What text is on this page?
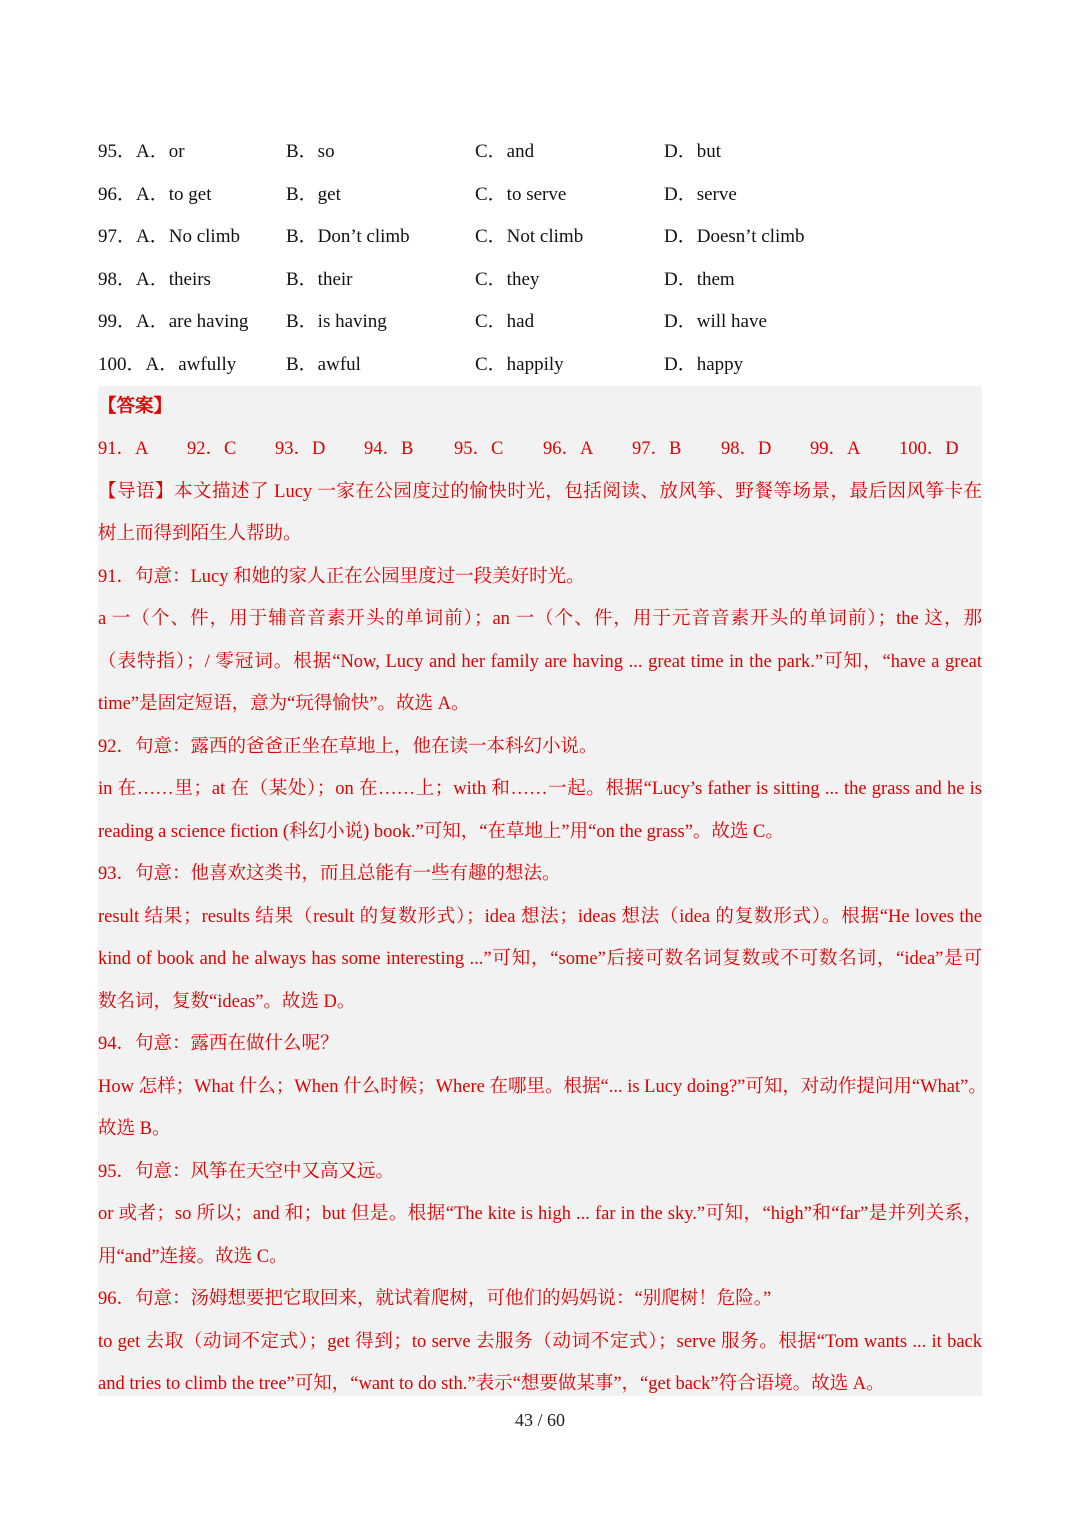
95．A．or	B．so	C．and	D．but
96．A．to get	B．get	C．to serve	D．serve
97．A．No climb B．Don’t climb	C．Not climb	D．Doesn’t climb
98．A．theirs	B．their	C．they	D．them
99．A．are having B．is having	C．had	D．will have
100．A．awfully	B．awful	C．happily	D．happy
【答案】
91．A 92．C 93．D 94．B 95．C 96．A 97．B 98．D 99．A 100．D
【导语】本文描述了 Lucy 一家在公园度过的愉快时光，包括阅读、放风筝、野餐等场景，最后因风筝卡在
树上而得到陌生人帮助。
91．句意：Lucy 和她的家人正在公园里度过一段美好时光。
a 一（个、件，用于辅音音素开头的单词前）；an 一（个、件，用于元音音素开头的单词前）；the 这，那
（表特指）；/ 零冠词。根据“Now, Lucy and her family are having ... great time in the park.”可知，“have a great
time”是固定短语，意为“玩得愉快”。故选 A。
92．句意：露西的爸爸正坐在草地上，他在读一本科幻小说。
in 在……里；at 在（某处）；on 在……上；with 和……一起。根据“Lucy’s father is sitting ... the grass and he is
reading a science fiction (科幻小说) book.”可知，“在草地上”用“on the grass”。故选 C。
93．句意：他喜欢这类书，而且总能有一些有趣的想法。
result 结果；results 结果（result 的复数形式）；idea 想法；ideas 想法（idea 的复数形式）。根据“He loves the
kind of book and he always has some interesting ...”可知，“some”后接可数名词复数或不可数名词，“idea”是可
数名词，复数“ideas”。故选 D。
94．句意：露西在做什么呢？
How 怎样；What 什么；When 什么时候；Where 在哪里。根据“... is Lucy doing?”可知，对动作提问用“What”。
故选 B。
95．句意：风筝在天空中又高又远。
or 或者；so 所以；and 和；but 但是。根据“The kite is high ... far in the sky.”可知，“high”和“far”是并列关系，
用“and”连接。故选 C。
96．句意：汤姆想要把它取回来，就试着爬树，可他们的妈妈说：“别爬树！危险。”
to get 去取（动词不定式）；get 得到；to serve 去服务（动词不定式）；serve 服务。根据“Tom wants ... it back
and tries to climb the tree”可知，“want to do sth.”表示“想要做某事”，“get back”符合语境。故选 A。
43 / 60
